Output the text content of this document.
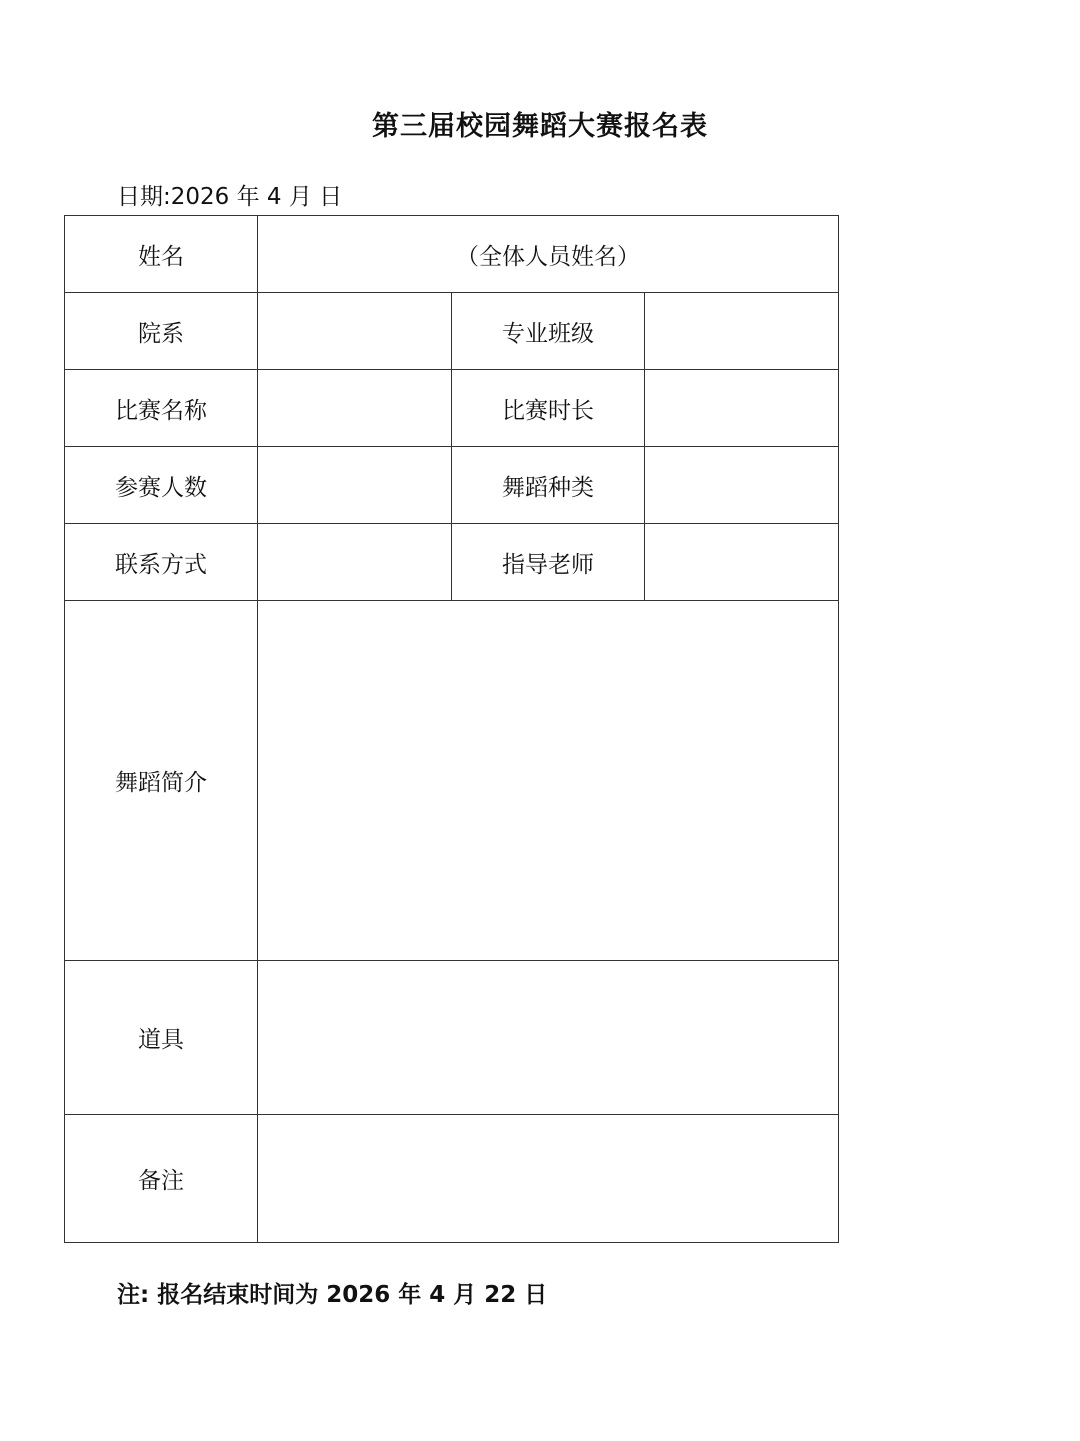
第三届校园舞蹈大赛报名表
日期:2026 年 4 月 日
姓名	（全体人员姓名）		
院系		专业班级	
比赛名称		比赛时长	
参赛人数		舞蹈种类	
联系方式		指导老师	
舞蹈简介			
道具			
备注			
注: 报名结束时间为 2026 年 4 月 22 日
